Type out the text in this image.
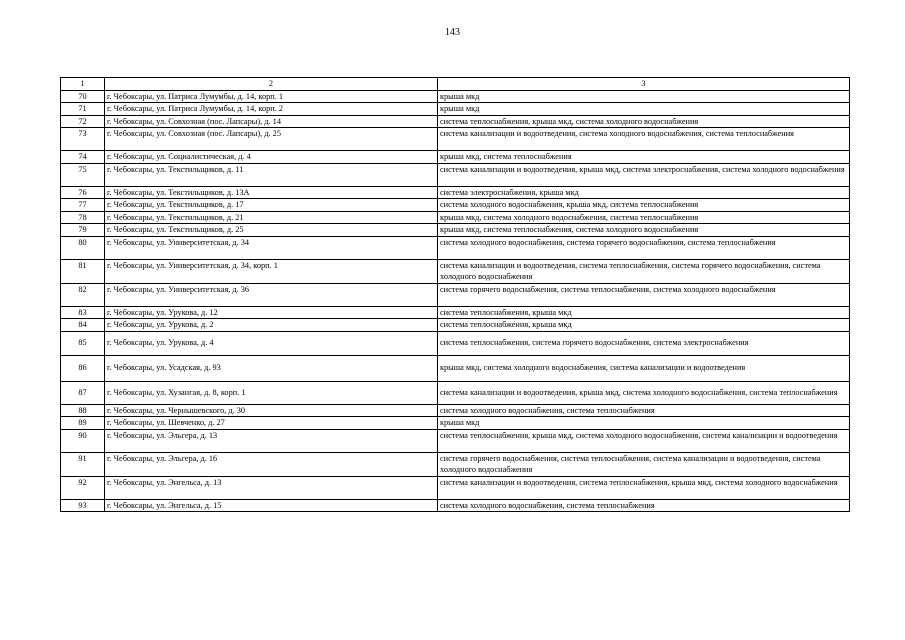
143
1	2	3
70	г. Чебоксары, ул. Патриса Лумумбы, д. 14, корп. 1	крыша мкд
71	г. Чебоксары, ул. Патриса Лумумбы, д. 14, корп. 2	крыша мкд
72	г. Чебоксары, ул. Совхозная (пос. Лапсары), д. 14	система теплоснабжения, крыша мкд, система холодного водоснабжения
73	г. Чебоксары, ул. Совхозная (пос. Лапсары), д. 25	система канализации и водоотведения, система холодного водоснабжения, система теплоснабжения
74	г. Чебоксары, ул. Социалистическая, д. 4	крыша мкд, система теплоснабжения
75	г. Чебоксары, ул. Текстильщиков, д. 11	система канализации и водоотведения, крыша мкд, система электроснабжения, система холодного водоснабжения
76	г. Чебоксары, ул. Текстильщиков, д. 13А	система электроснабжения, крыша мкд
77	г. Чебоксары, ул. Текстильщиков, д. 17	система холодного водоснабжения, крыша мкд, система теплоснабжения
78	г. Чебоксары, ул. Текстильщиков, д. 21	крыша мкд, система холодного водоснабжения, система теплоснабжения
79	г. Чебоксары, ул. Текстильщиков, д. 25	крыша мкд, система теплоснабжения, система холодного водоснабжения
80	г. Чебоксары, ул. Университетская, д. 34	система холодного водоснабжения, система горячего водоснабжения, система теплоснабжения
81	г. Чебоксары, ул. Университетская, д. 34, корп. 1	система канализации и водоотведения, система теплоснабжения, система горячего водоснабжения, система холодного водоснабжения
82	г. Чебоксары, ул. Университетская, д. 36	система горячего водоснабжения, система теплоснабжения, система холодного водоснабжения
83	г. Чебоксары, ул. Урукова, д. 12	система теплоснабжения, крыша мкд
84	г. Чебоксары, ул. Урукова, д. 2	система теплоснабжения, крыша мкд
85	г. Чебоксары, ул. Урукова, д. 4	система теплоснабжения, система горячего водоснабжения, система электроснабжения
86	г. Чебоксары, ул. Усадская, д. 93	крыша мкд, система холодного водоснабжения, система канализации и водоотведения
87	г. Чебоксары, ул. Хузангая, д. 8, корп. 1	система канализации и водоотведения, крыша мкд, система холодного водоснабжения, система теплоснабжения
88	г. Чебоксары, ул. Чернышевского, д. 30	система холодного водоснабжения, система теплоснабжения
89	г. Чебоксары, ул. Шевченко, д. 27	крыша мкд
90	г. Чебоксары, ул. Эльгера, д. 13	система теплоснабжения, крыша мкд, система холодного водоснабжения, система канализации и водоотведения
91	г. Чебоксары, ул. Эльгера, д. 16	система горячего водоснабжения, система теплоснабжения, система канализации и водоотведения, система холодного водоснабжения
92	г. Чебоксары, ул. Энгельса, д. 13	система канализации и водоотведения, система теплоснабжения, крыша мкд, система холодного водоснабжения
93	г. Чебоксары, ул. Энгельса, д. 15	система холодного водоснабжения, система теплоснабжения
